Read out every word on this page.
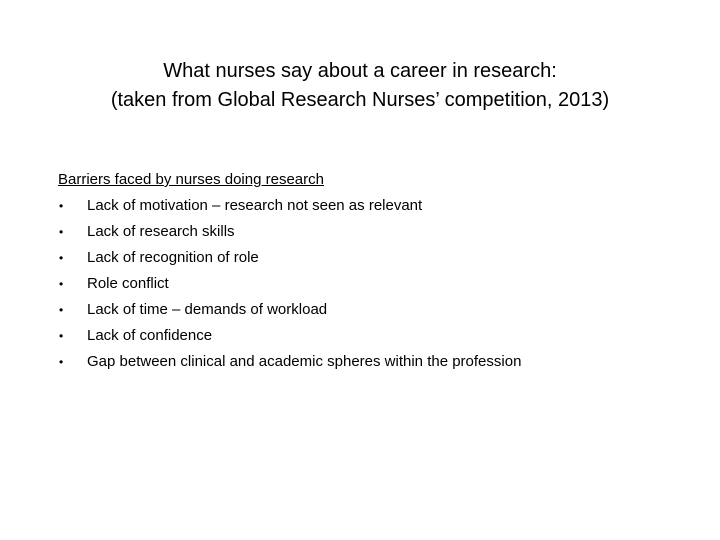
What nurses say about a career in research:
(taken from Global Research Nurses’ competition, 2013)
Barriers faced by nurses doing research
•	Lack of motivation – research not seen as relevant
•	Lack of research skills
•	Lack of recognition of role
•	Role conflict
•	Lack of time – demands of workload
•	Lack of confidence
•	Gap between clinical and academic spheres within the profession
